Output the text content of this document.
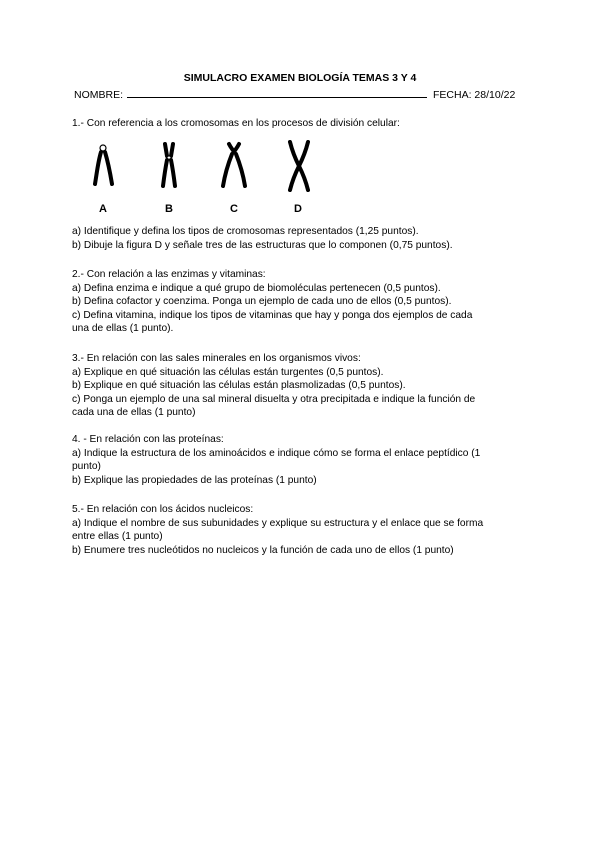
SIMULACRO EXAMEN BIOLOGÍA TEMAS 3 Y 4
NOMBRE:	FECHA: 28/10/22

1.- Con referencia a los cromosomas en los procesos de división celular:

A	B	C	D

a) Identifique y defina los tipos de cromosomas representados (1,25 puntos).

b) Dibuje la figura D y señale tres de las estructuras que lo componen (0,75 puntos).

2.- Con relación a las enzimas y vitaminas:

a) Defina enzima e indique a qué grupo de biomoléculas pertenecen (0,5 puntos).

b) Defina cofactor y coenzima. Ponga un ejemplo de cada uno de ellos (0,5 puntos).

c) Defina vitamina, indique los tipos de vitaminas que hay y ponga dos ejemplos de cada

una de ellas (1 punto).

3.- En relación con las sales minerales en los organismos vivos:

a) Explique en qué situación las células están turgentes (0,5 puntos).

b) Explique en qué situación las células están plasmolizadas (0,5 puntos).

c) Ponga un ejemplo de una sal mineral disuelta y otra precipitada e indique la función de

cada una de ellas (1 punto)

4. - En relación con las proteínas:

a) Indique la estructura de los aminoácidos e indique cómo se forma el enlace peptídico (1

punto)

b) Explique las propiedades de las proteínas (1 punto)

5.- En relación con los ácidos nucleicos:

a) Indique el nombre de sus subunidades y explique su estructura y el enlace que se forma

entre ellas (1 punto)

b) Enumere tres nucleótidos no nucleicos y la función de cada uno de ellos (1 punto)
